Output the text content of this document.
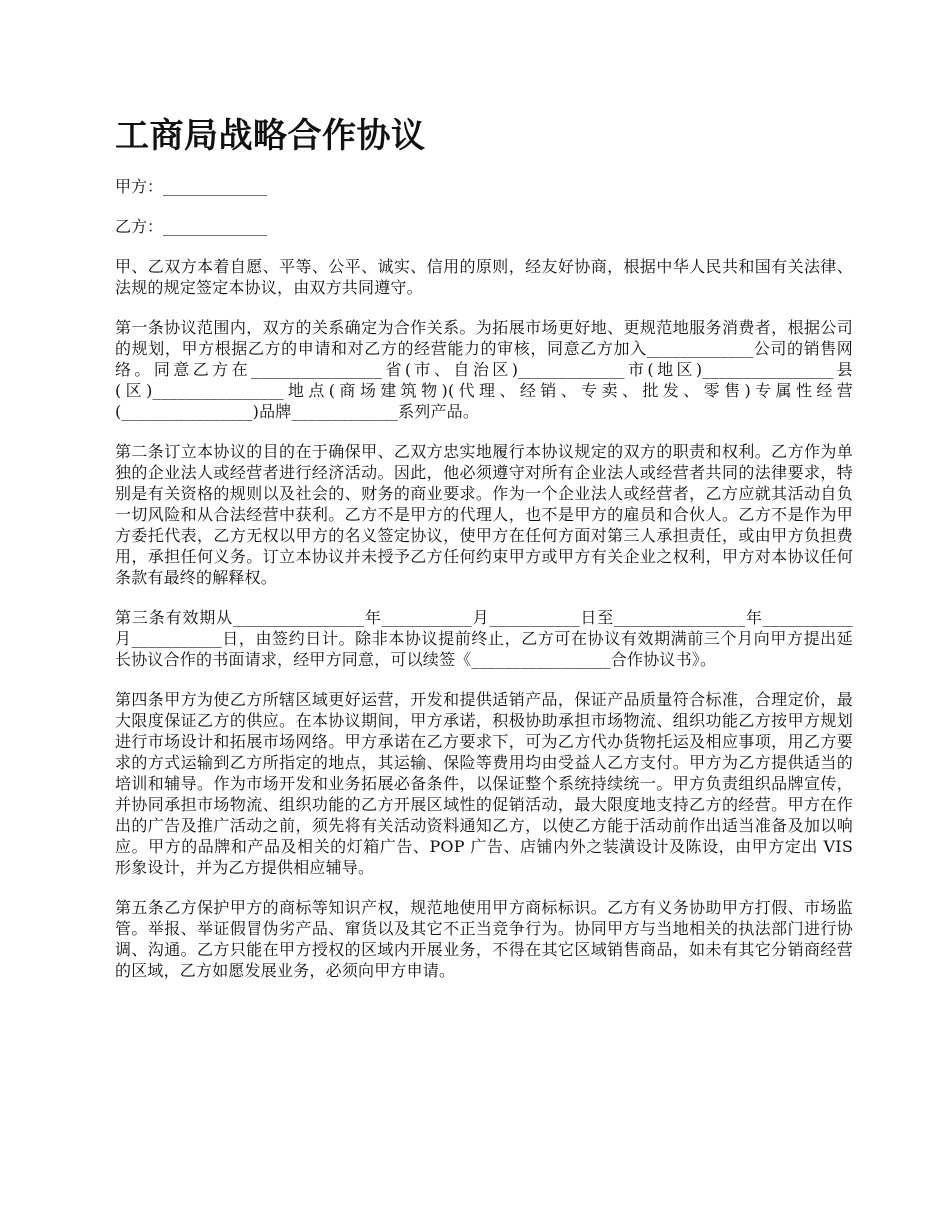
工商局战略合作协议

甲方：_____________

乙方：_____________

甲、乙双方本着自愿、平等、公平、诚实、信用的原则，经友好协商，根据中华人民共和国有关法律、法规的规定签定本协议，由双方共同遵守。

第一条协议范围内，双方的关系确定为合作关系。为拓展市场更好地、更规范地服务消费者，根据公司的规划，甲方根据乙方的申请和对乙方的经营能力的审核，同意乙方加入_____________公司的销售网络。同意乙方在________________省(市、自治区)_____________市(地区)________________县(区)________________地点(商场建筑物)(代理、经销、专卖、批发、零售)专属性经营(________________)品牌_____________系列产品。

第二条订立本协议的目的在于确保甲、乙双方忠实地履行本协议规定的双方的职责和权利。乙方作为单独的企业法人或经营者进行经济活动。因此，他必须遵守对所有企业法人或经营者共同的法律要求，特别是有关资格的规则以及社会的、财务的商业要求。作为一个企业法人或经营者，乙方应就其活动自负一切风险和从合法经营中获利。乙方不是甲方的代理人，也不是甲方的雇员和合伙人。乙方不是作为甲方委托代表，乙方无权以甲方的名义签定协议，使甲方在任何方面对第三人承担责任，或由甲方负担费用，承担任何义务。订立本协议并未授予乙方任何约束甲方或甲方有关企业之权利，甲方对本协议任何条款有最终的解释权。

第三条有效期从________________年___________月___________日至________________年___________月___________日，由签约日计。除非本协议提前终止，乙方可在协议有效期满前三个月向甲方提出延长协议合作的书面请求，经甲方同意，可以续签《_________________合作协议书》。

第四条甲方为使乙方所辖区域更好运营，开发和提供适销产品，保证产品质量符合标准，合理定价，最大限度保证乙方的供应。在本协议期间，甲方承诺，积极协助承担市场物流、组织功能乙方按甲方规划进行市场设计和拓展市场网络。甲方承诺在乙方要求下，可为乙方代办货物托运及相应事项，用乙方要求的方式运输到乙方所指定的地点，其运输、保险等费用均由受益人乙方支付。甲方为乙方提供适当的培训和辅导。作为市场开发和业务拓展必备条件，以保证整个系统持续统一。甲方负责组织品牌宣传，并协同承担市场物流、组织功能的乙方开展区域性的促销活动，最大限度地支持乙方的经营。甲方在作出的广告及推广活动之前，须先将有关活动资料通知乙方，以使乙方能于活动前作出适当准备及加以响应。甲方的品牌和产品及相关的灯箱广告、POP 广告、店铺内外之装潢设计及陈设，由甲方定出 VIS 形象设计，并为乙方提供相应辅导。

第五条乙方保护甲方的商标等知识产权，规范地使用甲方商标标识。乙方有义务协助甲方打假、市场监管。举报、举证假冒伪劣产品、窜货以及其它不正当竞争行为。协同甲方与当地相关的执法部门进行协调、沟通。乙方只能在甲方授权的区域内开展业务，不得在其它区域销售商品，如未有其它分销商经营的区域，乙方如愿发展业务，必须向甲方申请。
